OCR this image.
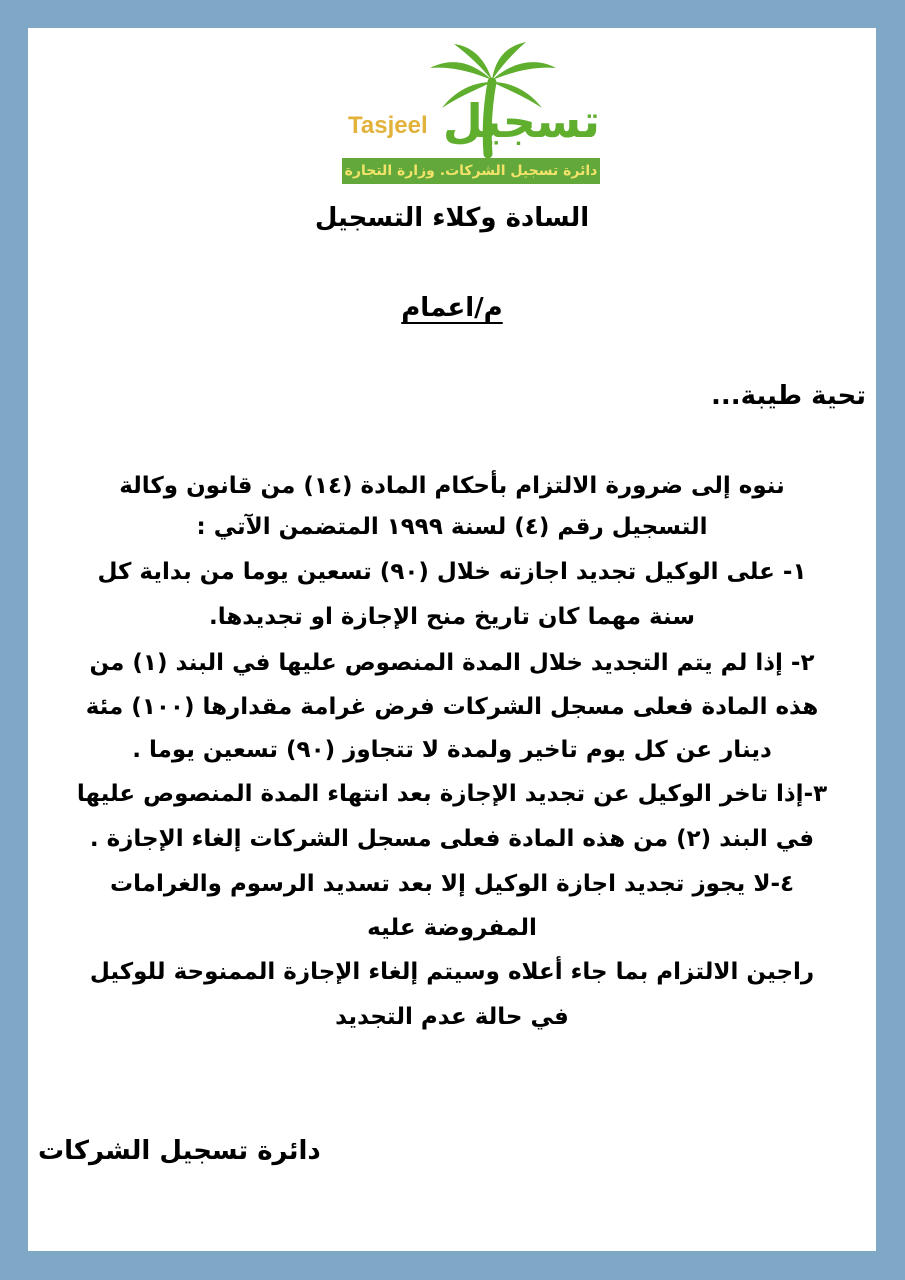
Tasjeel تسجيل
دائرة تسجيل الشركات. وزارة التجارة
السادة وكلاء التسجيل
م/اعمام
تحية طيبة...
ننوه إلى ضرورة الالتزام بأحكام المادة (١٤) من قانون وكالة
التسجيل رقم (٤) لسنة ١٩٩٩ المتضمن الآتي :
١- على الوكيل تجديد اجازته خلال (٩٠) تسعين يوما من بداية كل
سنة مهما كان تاريخ منح الإجازة او تجديدها.
٢- إذا لم يتم التجديد خلال المدة المنصوص عليها في البند (١) من
هذه المادة فعلى مسجل الشركات فرض غرامة مقدارها (١٠٠) مئة
دينار عن كل يوم تاخير ولمدة لا تتجاوز (٩٠) تسعين يوما .
٣-إذا تاخر الوكيل عن تجديد الإجازة بعد انتهاء المدة المنصوص عليها
في البند (٢) من هذه المادة فعلى مسجل الشركات إلغاء الإجازة .
٤-لا يجوز تجديد اجازة الوكيل إلا بعد تسديد الرسوم والغرامات
المفروضة عليه
راجين الالتزام بما جاء أعلاه وسيتم إلغاء الإجازة الممنوحة للوكيل
في حالة عدم التجديد
دائرة تسجيل الشركات
